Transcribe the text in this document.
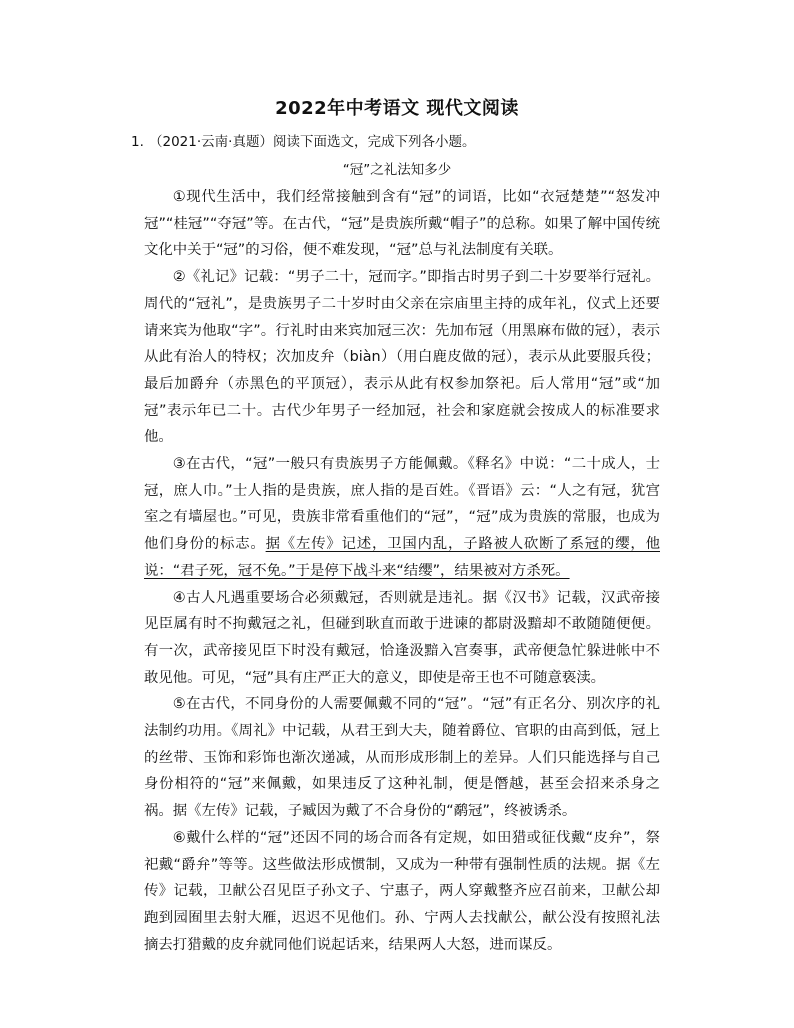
2022年中考语文 现代文阅读
1. （2021·云南·真题）阅读下面选文，完成下列各小题。
“冠”之礼法知多少

①现代生活中，我们经常接触到含有“冠”的词语，比如“衣冠楚楚”“怒发冲冠”“桂冠”“夺冠”等。在古代，“冠”是贵族所戴“帽子”的总称。如果了解中国传统文化中关于“冠”的习俗，便不难发现，“冠”总与礼法制度有关联。

②《礼记》记载：“男子二十，冠而字。”即指古时男子到二十岁要举行冠礼。周代的“冠礼”，是贵族男子二十岁时由父亲在宗庙里主持的成年礼，仪式上还要请来宾为他取“字”。行礼时由来宾加冠三次：先加布冠（用黑麻布做的冠），表示从此有治人的特权；次加皮弁（biàn）（用白鹿皮做的冠），表示从此要服兵役；最后加爵弁（赤黑色的平顶冠），表示从此有权参加祭祀。后人常用“冠”或“加冠”表示年已二十。古代少年男子一经加冠，社会和家庭就会按成人的标准要求他。

③在古代，“冠”一般只有贵族男子方能佩戴。《释名》中说：“二十成人，士冠，庶人巾。”士人指的是贵族，庶人指的是百姓。《晋语》云：“人之有冠，犹宫室之有墙屋也。”可见，贵族非常看重他们的“冠”，“冠”成为贵族的常服，也成为他们身份的标志。据《左传》记述，卫国内乱，子路被人砍断了系冠的缨，他说：“君子死，冠不免。”于是停下战斗来“结缨”，结果被对方杀死。

④古人凡遇重要场合必须戴冠，否则就是违礼。据《汉书》记载，汉武帝接见臣属有时不拘戴冠之礼，但碰到耿直而敢于进谏的都尉汲黯却不敢随随便便。有一次，武帝接见臣下时没有戴冠，恰逢汲黯入宫奏事，武帝便急忙躲进帐中不敢见他。可见，“冠”具有庄严正大的意义，即使是帝王也不可随意亵渎。

⑤在古代，不同身份的人需要佩戴不同的“冠”。“冠”有正名分、别次序的礼法制约功用。《周礼》中记载，从君王到大夫，随着爵位、官职的由高到低，冠上的丝带、玉饰和彩饰也渐次递减，从而形成形制上的差异。人们只能选择与自己身份相符的“冠”来佩戴，如果违反了这种礼制，便是僭越，甚至会招来杀身之祸。据《左传》记载，子臧因为戴了不合身份的“鹬冠”，终被诱杀。

⑥戴什么样的“冠”还因不同的场合而各有定规，如田猎或征伐戴“皮弁”，祭祀戴“爵弁”等等。这些做法形成惯制，又成为一种带有强制性质的法规。据《左传》记载，卫献公召见臣子孙文子、宁惠子，两人穿戴整齐应召前来，卫献公却跑到园囿里去射大雁，迟迟不见他们。孙、宁两人去找献公，献公没有按照礼法摘去打猎戴的皮弁就同他们说起话来，结果两人大怒，进而谋反。
